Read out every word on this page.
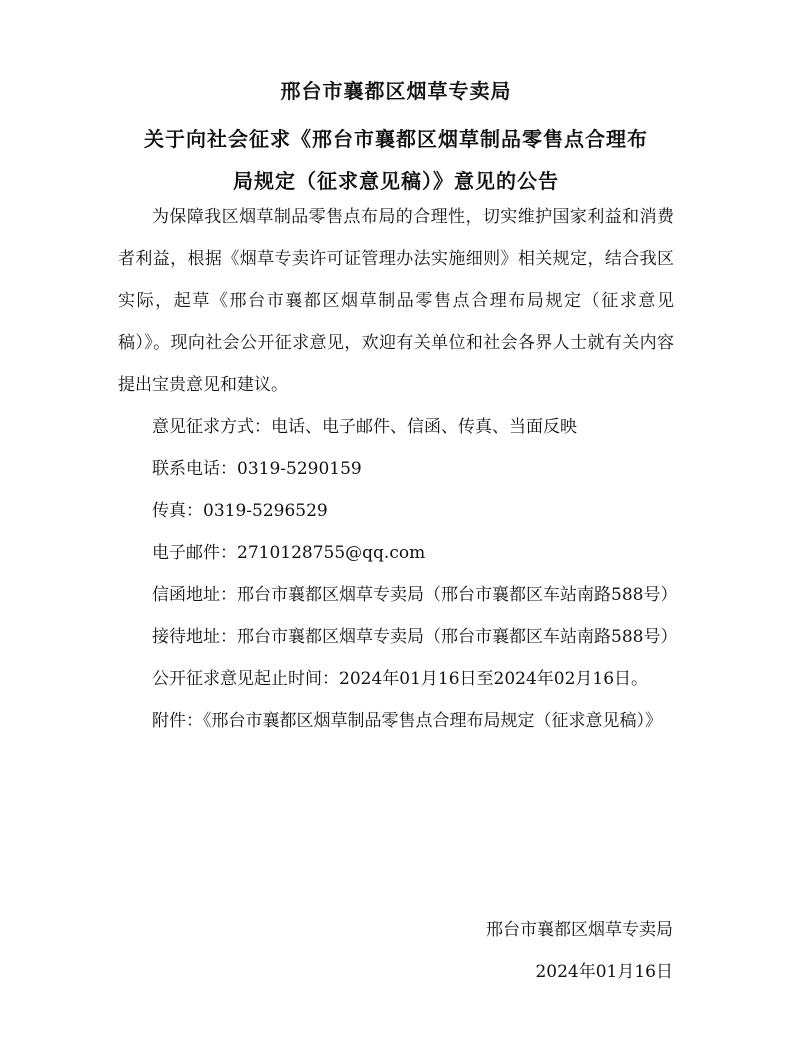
邢台市襄都区烟草专卖局
关于向社会征求《邢台市襄都区烟草制品零售点合理布
局规定（征求意见稿）》意见的公告

为保障我区烟草制品零售点布局的合理性，切实维护国家利益和消费者利益，根据《烟草专卖许可证管理办法实施细则》相关规定，结合我区实际，起草《邢台市襄都区烟草制品零售点合理布局规定（征求意见稿）》。现向社会公开征求意见，欢迎有关单位和社会各界人士就有关内容提出宝贵意见和建议。

意见征求方式：电话、电子邮件、信函、传真、当面反映

联系电话：0319-5290159

传真：0319-5296529

电子邮件：2710128755@qq.com

信函地址：邢台市襄都区烟草专卖局（邢台市襄都区车站南路588号）

接待地址：邢台市襄都区烟草专卖局（邢台市襄都区车站南路588号）

公开征求意见起止时间：2024年01月16日至2024年02月16日。

附件：《邢台市襄都区烟草制品零售点合理布局规定（征求意见稿）》

邢台市襄都区烟草专卖局
2024年01月16日
